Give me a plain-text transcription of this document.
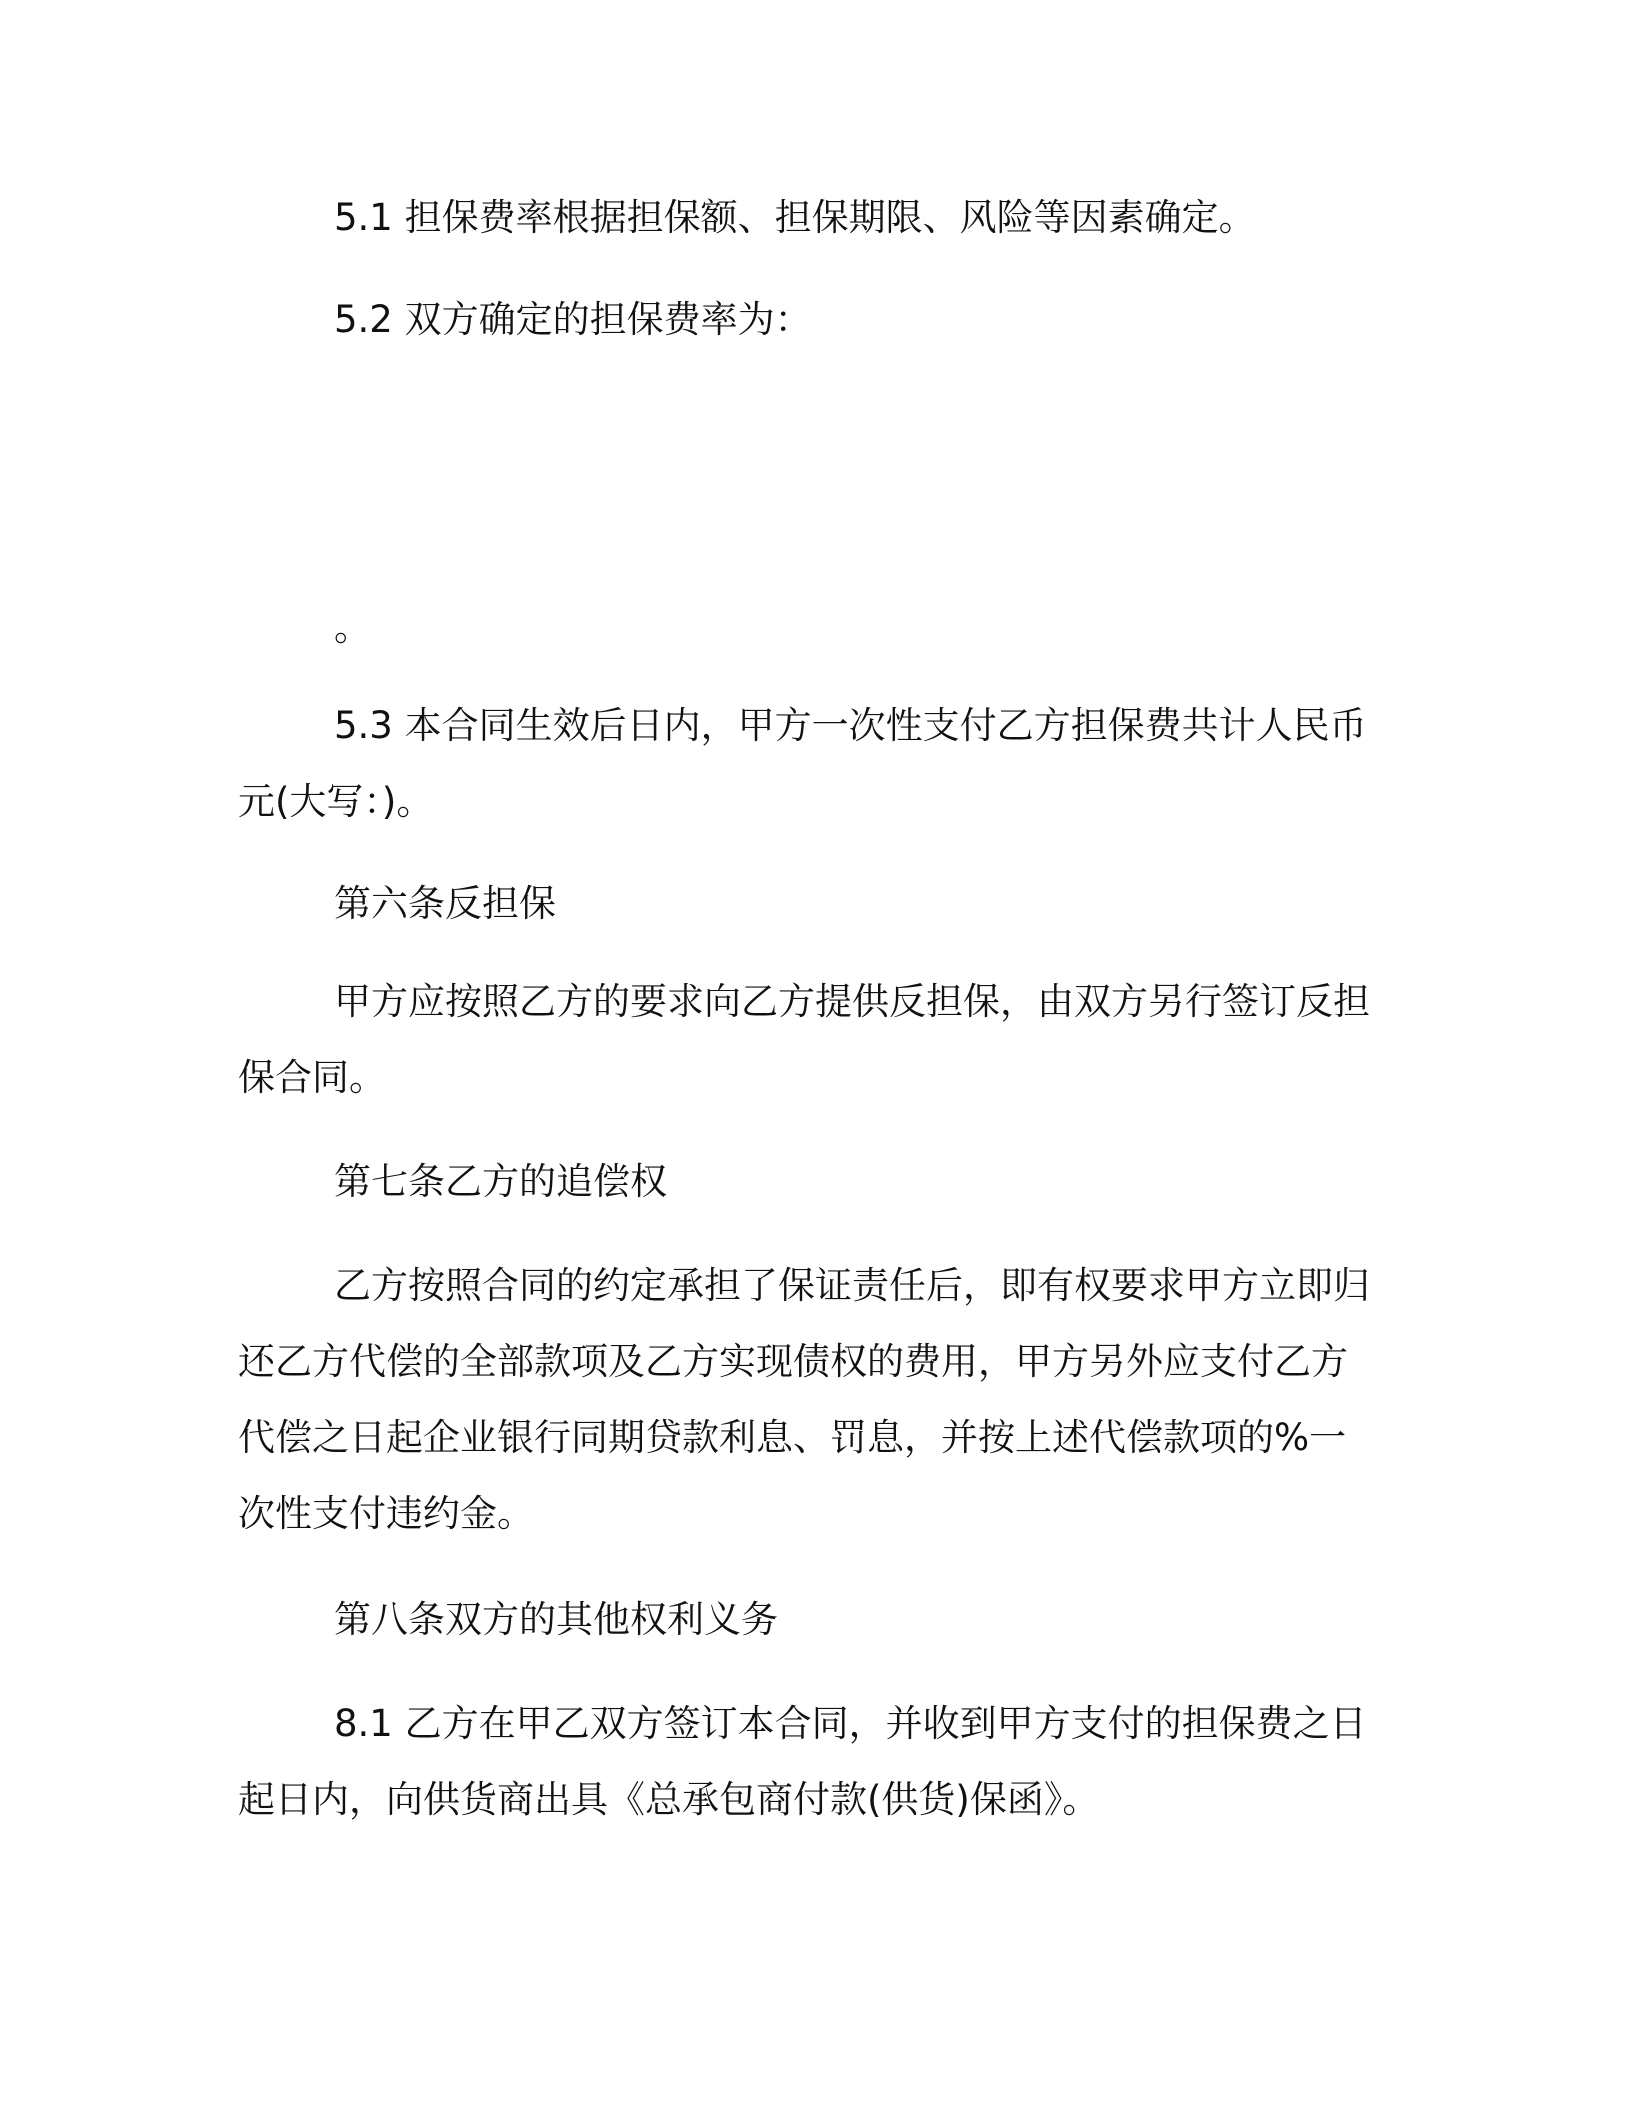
5.1 担保费率根据担保额、担保期限、风险等因素确定。

5.2 双方确定的担保费率为：

。

5.3 本合同生效后日内，甲方一次性支付乙方担保费共计人民币元(大写：)。

第六条反担保

甲方应按照乙方的要求向乙方提供反担保，由双方另行签订反担保合同。

第七条乙方的追偿权

乙方按照合同的约定承担了保证责任后，即有权要求甲方立即归还乙方代偿的全部款项及乙方实现债权的费用，甲方另外应支付乙方代偿之日起企业银行同期贷款利息、罚息，并按上述代偿款项的%一次性支付违约金。

第八条双方的其他权利义务

8.1 乙方在甲乙双方签订本合同，并收到甲方支付的担保费之日起日内，向供货商出具《总承包商付款(供货)保函》。
